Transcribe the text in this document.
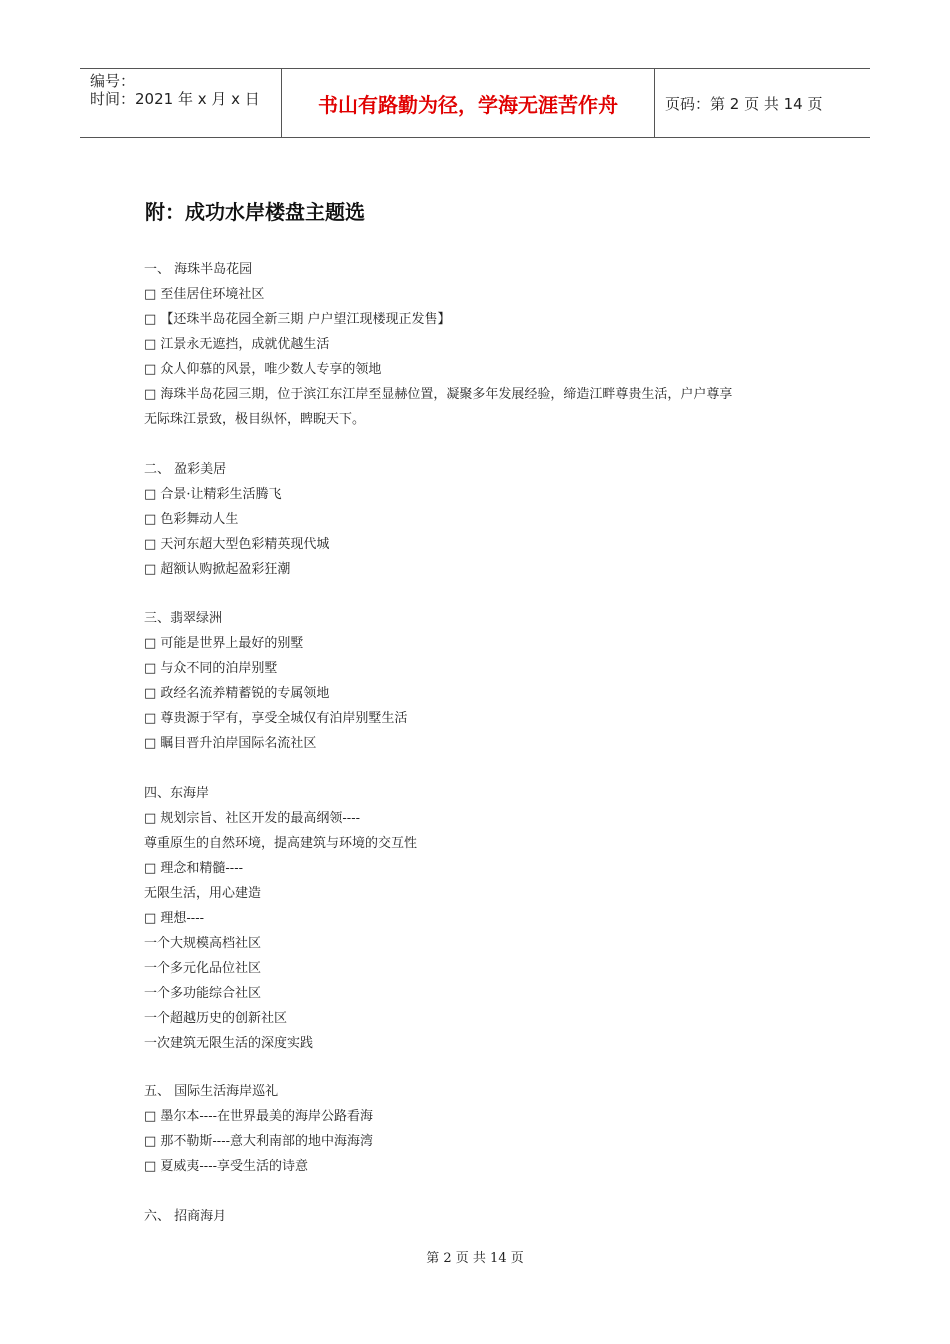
编号：
时间：2021 年 x 月 x 日	书山有路勤为径，学海无涯苦作舟	页码：第 2 页 共 14 页
附：成功水岸楼盘主题选
一、 海珠半岛花园
□ 至佳居住环境社区
□ 【还珠半岛花园全新三期 户户望江现楼现正发售】
□ 江景永无遮挡，成就优越生活
□ 众人仰慕的风景，唯少数人专享的领地
□ 海珠半岛花园三期，位于滨江东江岸至显赫位置，凝聚多年发展经验，缔造江畔尊贵生活，户户尊享
无际珠江景致，极目纵怀，睥睨天下。
二、 盈彩美居
□ 合景·让精彩生活腾飞
□ 色彩舞动人生
□ 天河东超大型色彩精英现代城
□ 超额认购掀起盈彩狂潮
三、翡翠绿洲
□ 可能是世界上最好的别墅
□ 与众不同的泊岸别墅
□ 政经名流养精蓄锐的专属领地
□ 尊贵源于罕有，享受全城仅有泊岸别墅生活
□ 瞩目晋升泊岸国际名流社区
四、东海岸
□ 规划宗旨、社区开发的最高纲领----
尊重原生的自然环境，提高建筑与环境的交互性
□ 理念和精髓----
无限生活，用心建造
□ 理想----
一个大规模高档社区
一个多元化品位社区
一个多功能综合社区
一个超越历史的创新社区
一次建筑无限生活的深度实践
五、 国际生活海岸巡礼
□ 墨尔本----在世界最美的海岸公路看海
□ 那不勒斯----意大利南部的地中海海湾
□ 夏威夷----享受生活的诗意
六、 招商海月
第 2 页 共 14 页
